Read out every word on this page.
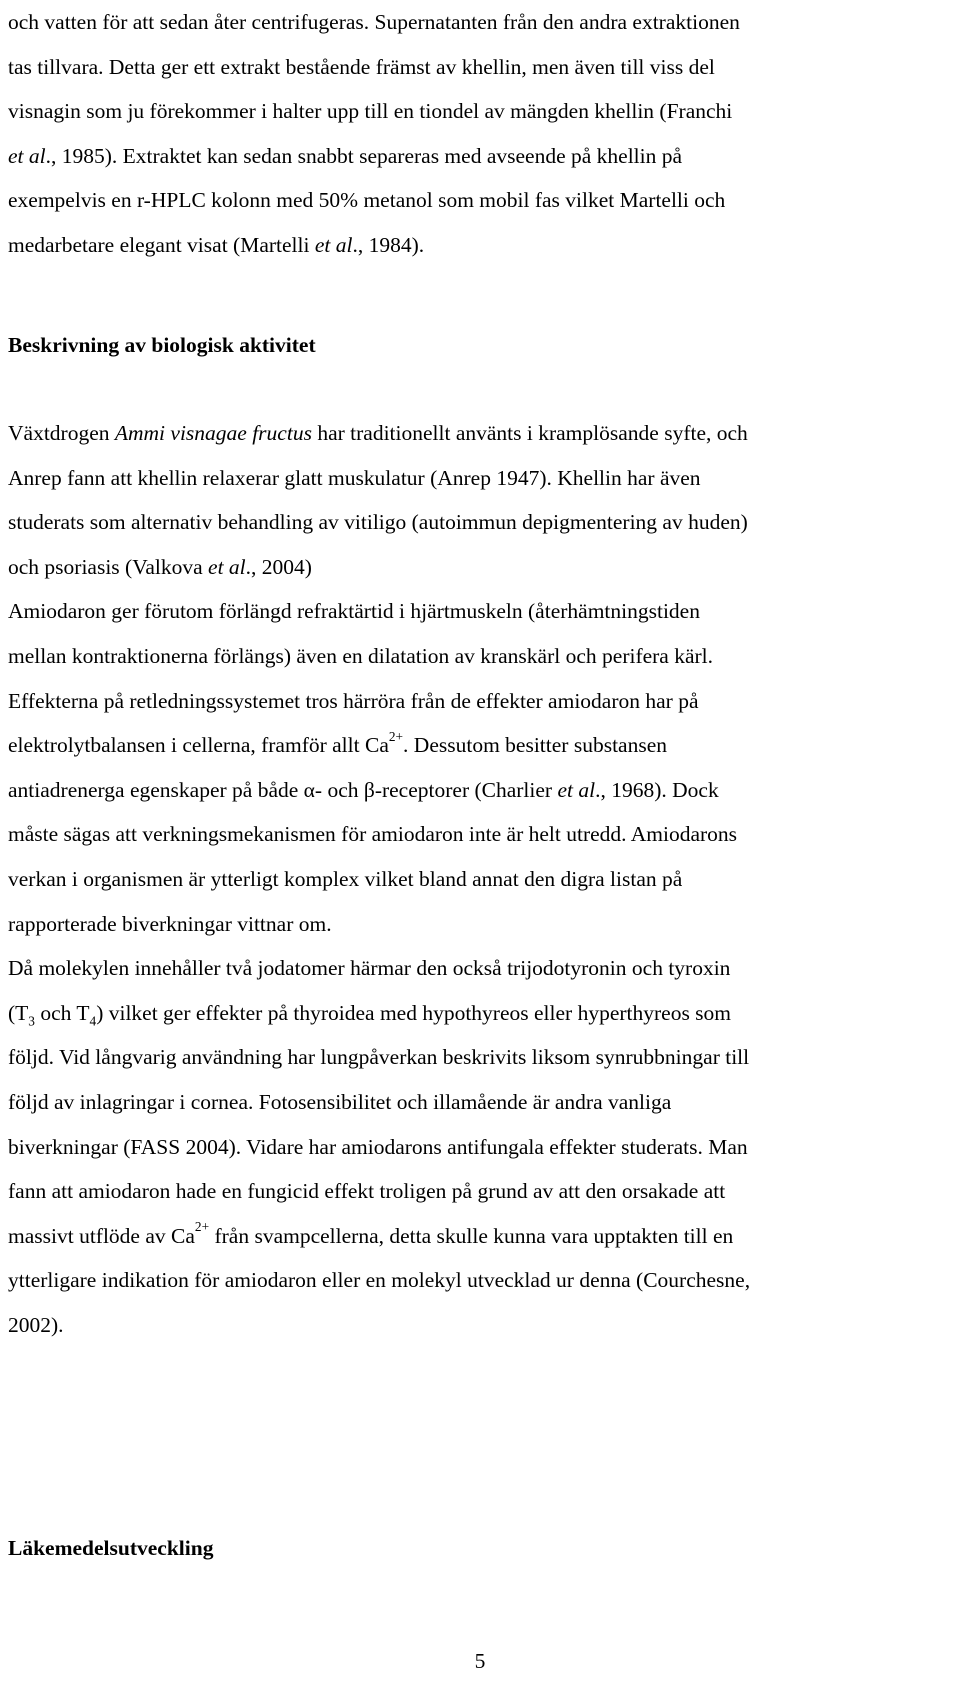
och vatten för att sedan åter centrifugeras. Supernatanten från den andra extraktionen
tas tillvara. Detta ger ett extrakt bestående främst av khellin, men även till viss del
visnagin som ju förekommer i halter upp till en tiondel av mängden khellin (Franchi
et al., 1985). Extraktet kan sedan snabbt separeras med avseende på khellin på
exempelvis en r-HPLC kolonn med 50% metanol som mobil fas vilket Martelli och
medarbetare elegant visat (Martelli et al., 1984).
Beskrivning av biologisk aktivitet
Växtdrogen Ammi visnagae fructus har traditionellt använts i kramplösande syfte, och
Anrep fann att khellin relaxerar glatt muskulatur (Anrep 1947). Khellin har även
studerats som alternativ behandling av vitiligo (autoimmun depigmentering av huden)
och psoriasis (Valkova et al., 2004)
Amiodaron ger förutom förlängd refraktärtid i hjärtmuskeln (återhämtningstiden
mellan kontraktionerna förlängs) även en dilatation av kranskärl och perifera kärl.
Effekterna på retledningssystemet tros härröra från de effekter amiodaron har på
elektrolytbalansen i cellerna, framför allt $Ca^{2+}$. Dessutom besitter substansen
antiadrenerga egenskaper på både α- och β-receptorer (Charlier et al., 1968). Dock
måste sägas att verkningsmekanismen för amiodaron inte är helt utredd. Amiodarons
verkan i organismen är ytterligt komplex vilket bland annat den digra listan på
rapporterade biverkningar vittnar om.
Då molekylen innehåller två jodatomer härmar den också trijodotyronin och tyroxin
($T_3$ och $T_4$) vilket ger effekter på thyroidea med hypothyreos eller hyperthyreos som
följd. Vid långvarig användning har lungpåverkan beskrivits liksom synrubbningar till
följd av inlagringar i cornea. Fotosensibilitet och illamående är andra vanliga
biverkningar (FASS 2004). Vidare har amiodarons antifungala effekter studerats. Man
fann att amiodaron hade en fungicid effekt troligen på grund av att den orsakade att
massivt utflöde av $Ca^{2+}$ från svampcellerna, detta skulle kunna vara upptakten till en
ytterligare indikation för amiodaron eller en molekyl utvecklad ur denna (Courchesne,
2002).
Läkemedelsutveckling
5
